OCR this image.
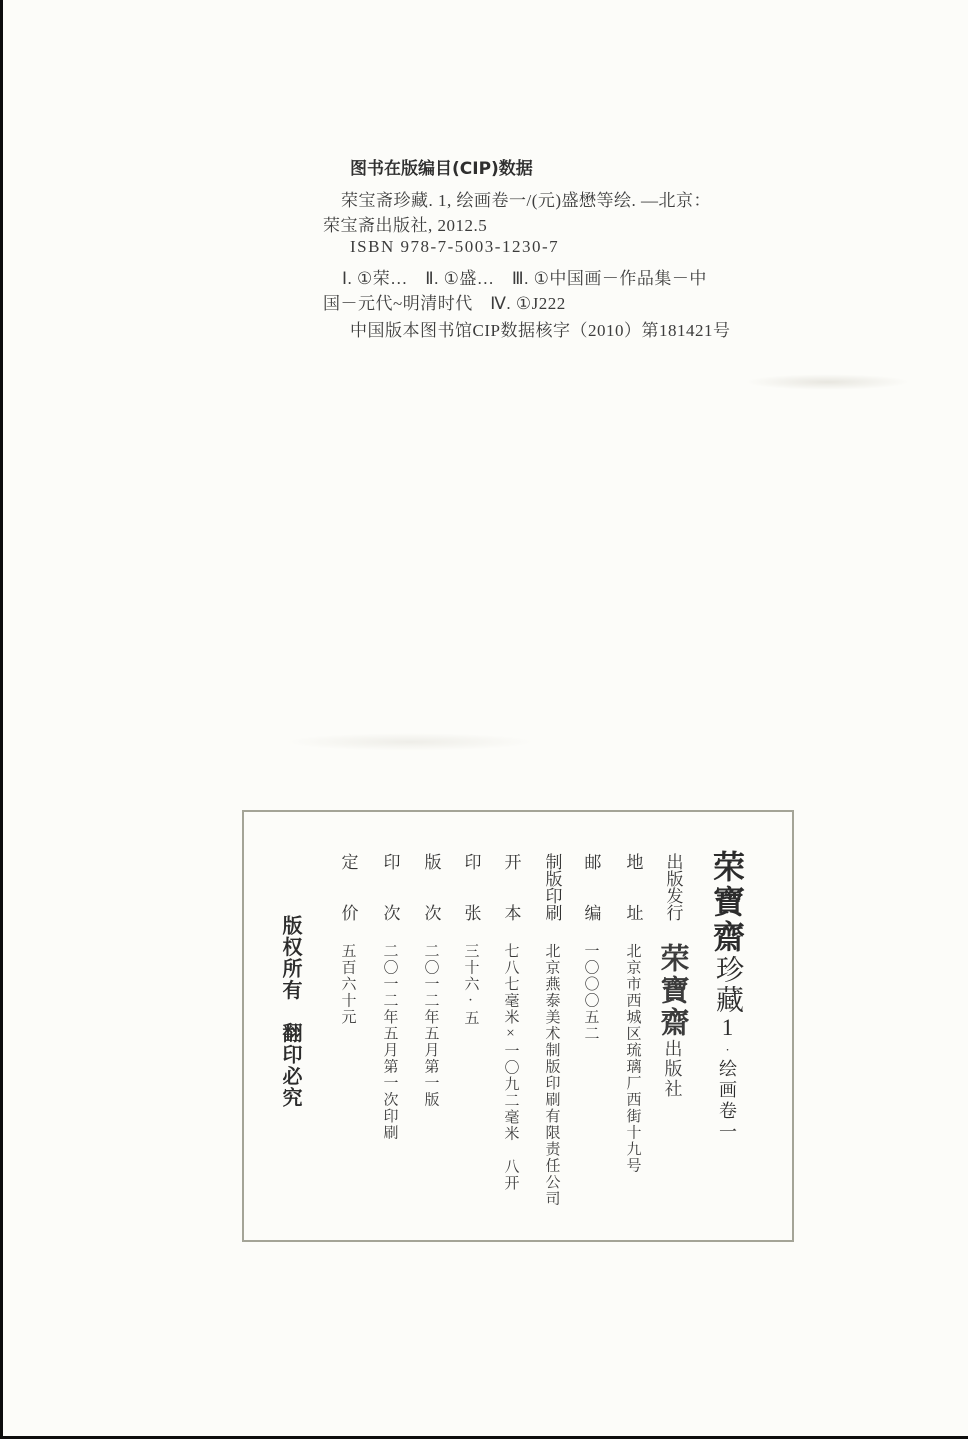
图书在版编目(CIP)数据
荣宝斋珍藏. 1, 绘画卷一/(元)盛懋等绘. —北京：
荣宝斋出版社, 2012.5
ISBN 978-7-5003-1230-7
Ⅰ. ①荣…　Ⅱ. ①盛…　Ⅲ. ①中国画－作品集－中
国－元代~明清时代　Ⅳ. ①J222
中国版本图书馆CIP数据核字（2010）第181421号
荣寶齋珍藏1·绘画卷一
出版发行
荣寶齋出版社
地址
北京市西城区琉璃厂西街十九号
邮编
一〇〇〇五二
制版印刷
北京燕泰美术制版印刷有限责任公司
开本
七八七毫米×一〇九二毫米　八开
印张
三十六·五
版次
二〇一二年五月第一版
印次
二〇一二年五月第一次印刷
定价
五百六十元
版权所有　翻印必究
